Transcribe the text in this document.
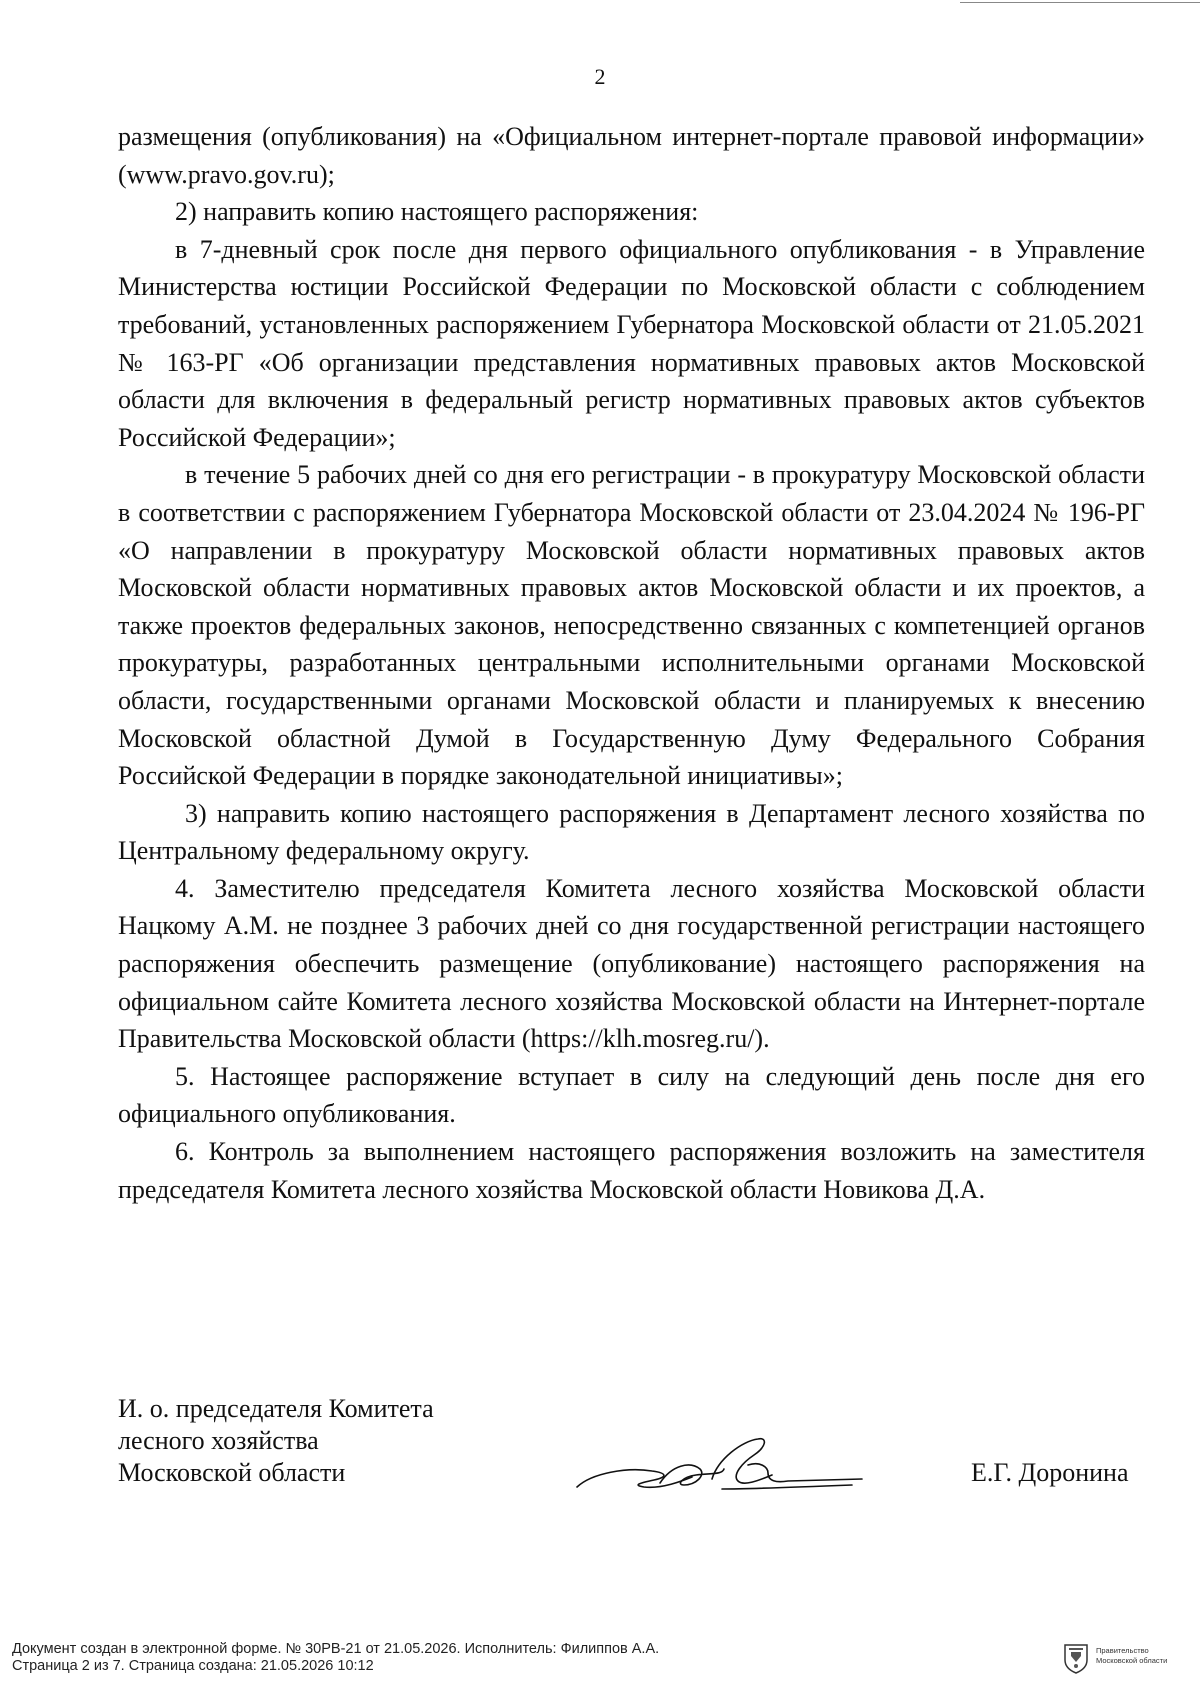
2

размещения (опубликования) на «Официальном интернет-портале правовой информации» (www.pravo.gov.ru);

2) направить копию настоящего распоряжения:

в 7-дневный срок после дня первого официального опубликования - в Управление Министерства юстиции Российской Федерации по Московской области с соблюдением требований, установленных распоряжением Губернатора Московской области от 21.05.2021 № 163-РГ «Об организации представления нормативных правовых актов Московской области для включения в федеральный регистр нормативных правовых актов субъектов Российской Федерации»;

в течение 5 рабочих дней со дня его регистрации - в прокуратуру Московской области в соответствии с распоряжением Губернатора Московской области от 23.04.2024 № 196-РГ «О направлении в прокуратуру Московской области нормативных правовых актов Московской области нормативных правовых актов Московской области и их проектов, а также проектов федеральных законов, непосредственно связанных с компетенцией органов прокуратуры, разработанных центральными исполнительными органами Московской области, государственными органами Московской области и планируемых к внесению Московской областной Думой в Государственную Думу Федерального Собрания Российской Федерации в порядке законодательной инициативы»;

3) направить копию настоящего распоряжения в Департамент лесного хозяйства по Центральному федеральному округу.

4. Заместителю председателя Комитета лесного хозяйства Московской области Нацкому А.М. не позднее 3 рабочих дней со дня государственной регистрации настоящего распоряжения обеспечить размещение (опубликование) настоящего распоряжения на официальном сайте Комитета лесного хозяйства Московской области на Интернет-портале Правительства Московской области (https://klh.mosreg.ru/).

5. Настоящее распоряжение вступает в силу на следующий день после дня его официального опубликования.

6. Контроль за выполнением настоящего распоряжения возложить на заместителя председателя Комитета лесного хозяйства Московской области Новикова Д.А.

И. о. председателя Комитета
лесного хозяйства
Московской области	Е.Г. Доронина
Документ создан в электронной форме. № 30РВ-21 от 21.05.2026. Исполнитель: Филиппов А.А.
Страница 2 из 7. Страница создана: 21.05.2026 10:12
Правительство
Московской области
